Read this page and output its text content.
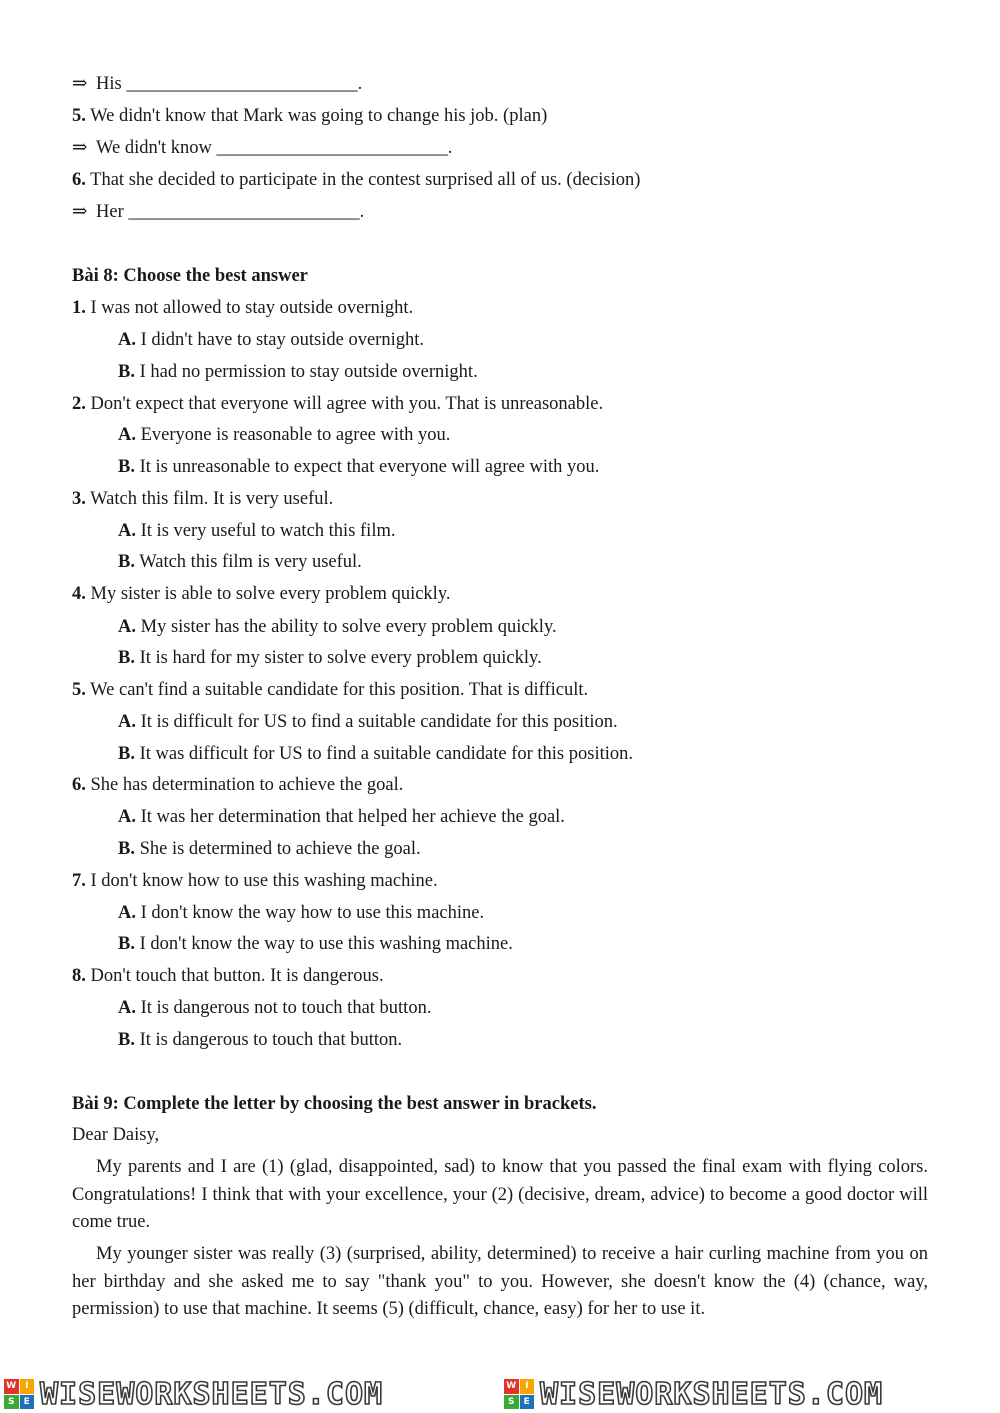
⇒ His _________________________.
5. We didn't know that Mark was going to change his job. (plan)
⇒ We didn't know _________________________.
6. That she decided to participate in the contest surprised all of us. (decision)
⇒ Her _________________________.
Bài 8: Choose the best answer
1. I was not allowed to stay outside overnight.
A. I didn't have to stay outside overnight.
B. I had no permission to stay outside overnight.
2. Don't expect that everyone will agree with you. That is unreasonable.
A. Everyone is reasonable to agree with you.
B. It is unreasonable to expect that everyone will agree with you.
3. Watch this film. It is very useful.
A. It is very useful to watch this film.
B. Watch this film is very useful.
4. My sister is able to solve every problem quickly.
A. My sister has the ability to solve every problem quickly.
B. It is hard for my sister to solve every problem quickly.
5. We can't find a suitable candidate for this position. That is difficult.
A. It is difficult for US to find a suitable candidate for this position.
B. It was difficult for US to find a suitable candidate for this position.
6. She has determination to achieve the goal.
A. It was her determination that helped her achieve the goal.
B. She is determined to achieve the goal.
7. I don't know how to use this washing machine.
A. I don't know the way how to use this machine.
B. I don't know the way to use this washing machine.
8. Don't touch that button. It is dangerous.
A. It is dangerous not to touch that button.
B. It is dangerous to touch that button.
Bài 9: Complete the letter by choosing the best answer in brackets.
Dear Daisy,
My parents and I are (1) (glad, disappointed, sad) to know that you passed the final exam with flying colors. Congratulations! I think that with your excellence, your (2) (decisive, dream, advice) to become a good doctor will come true.
My younger sister was really (3) (surprised, ability, determined) to receive a hair curling machine from you on her birthday and she asked me to say "thank you" to you. However, she doesn't know the (4) (chance, way, permission) to use that machine. It seems (5) (difficult, chance, easy) for her to use it.
W I
S	E WISEWORKSHEETS.COM	W I
S	E WISEWORKSHEETS.COM
